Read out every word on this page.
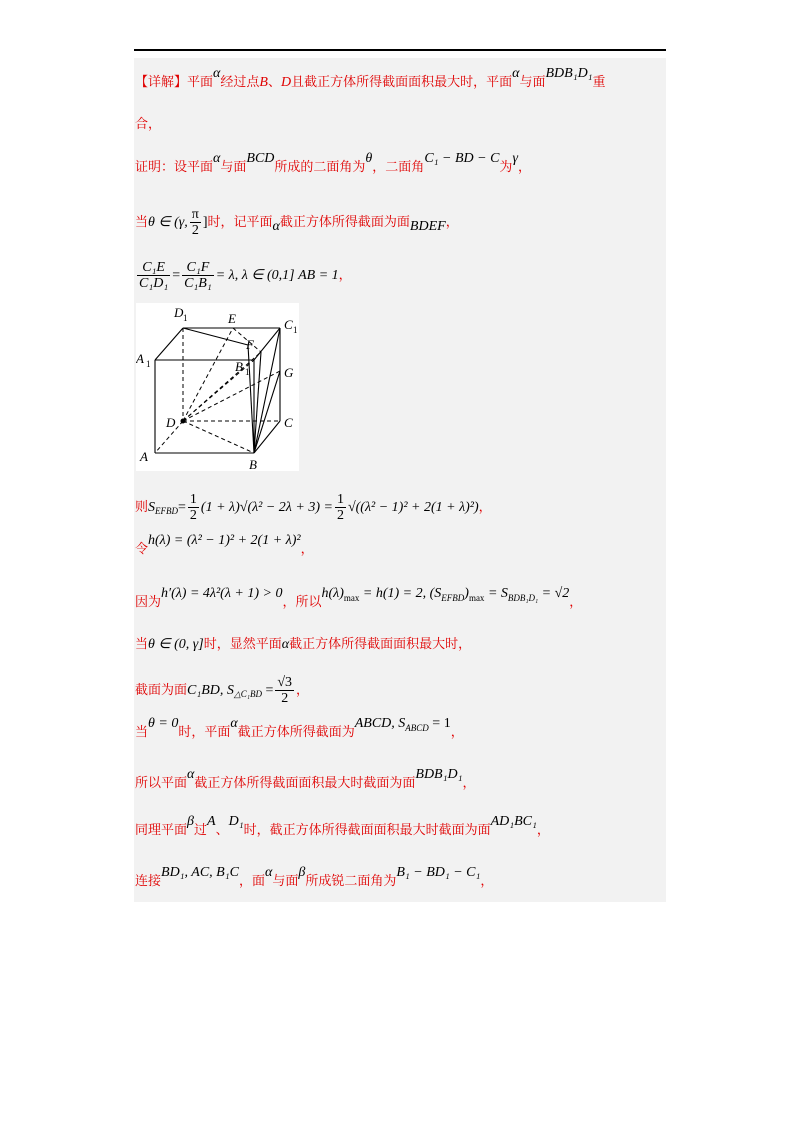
【详解】平面α经过点B、D且截正方体所得截面面积最大时，平面α与面BDB₁D₁重
合，
证明：设平面α与面BCD所成的二面角为θ，二面角C₁ − BD − C为γ，
当θ ∈ (γ, $\frac{\pi}{2}$ ]时，记平面α截正方体所得截面为面BDEF，
$\frac{\text{C₁E}}{\text{C₁D₁}} = \frac{\text{C₁F}}{\text{C₁B₁}} = \lambda$, λ ∈ (0,1] AB = 1，
D 1	E	C 1
A 1
F
B 1	G
D	C
A
B
则$S_{EFBD}= \frac{1}{2} (1 + \lambda)√(\lambda^2 - 2\lambda + 3) = \frac{1}{2} √((\lambda^2 - 1)^2 + 2(1 + \lambda)^2)$，
令h(λ) = (λ² − 1)² + 2(1 + λ)²，
因为h′(λ) = 4λ²(λ + 1) > 0，所以$h(\lambda)^{max} = h(1) = 2$, $(S^{EFBD})^{max} = S^{BDB_1D_1} = √2$，
当θ ∈ (0, γ]时，显然平面α截正方体所得截面面积最大时，
截面为面C₁BD, $S_{\triangle C_1BD} = \frac{√3}{2}$ ，
当θ = 0时，平面α截正方体所得截面为ABCD, $S^{ABCD} = 1$，
所以平面α截正方体所得截面面积最大时截面为面BDB₁D₁，
同理平面β过A、D₁时，截正方体所得截面面积最大时截面为面AD₁BC₁，
连接BD₁, AC, B₁C，面α与面β所成锐二面角为B₁ − BD₁ − C₁，
